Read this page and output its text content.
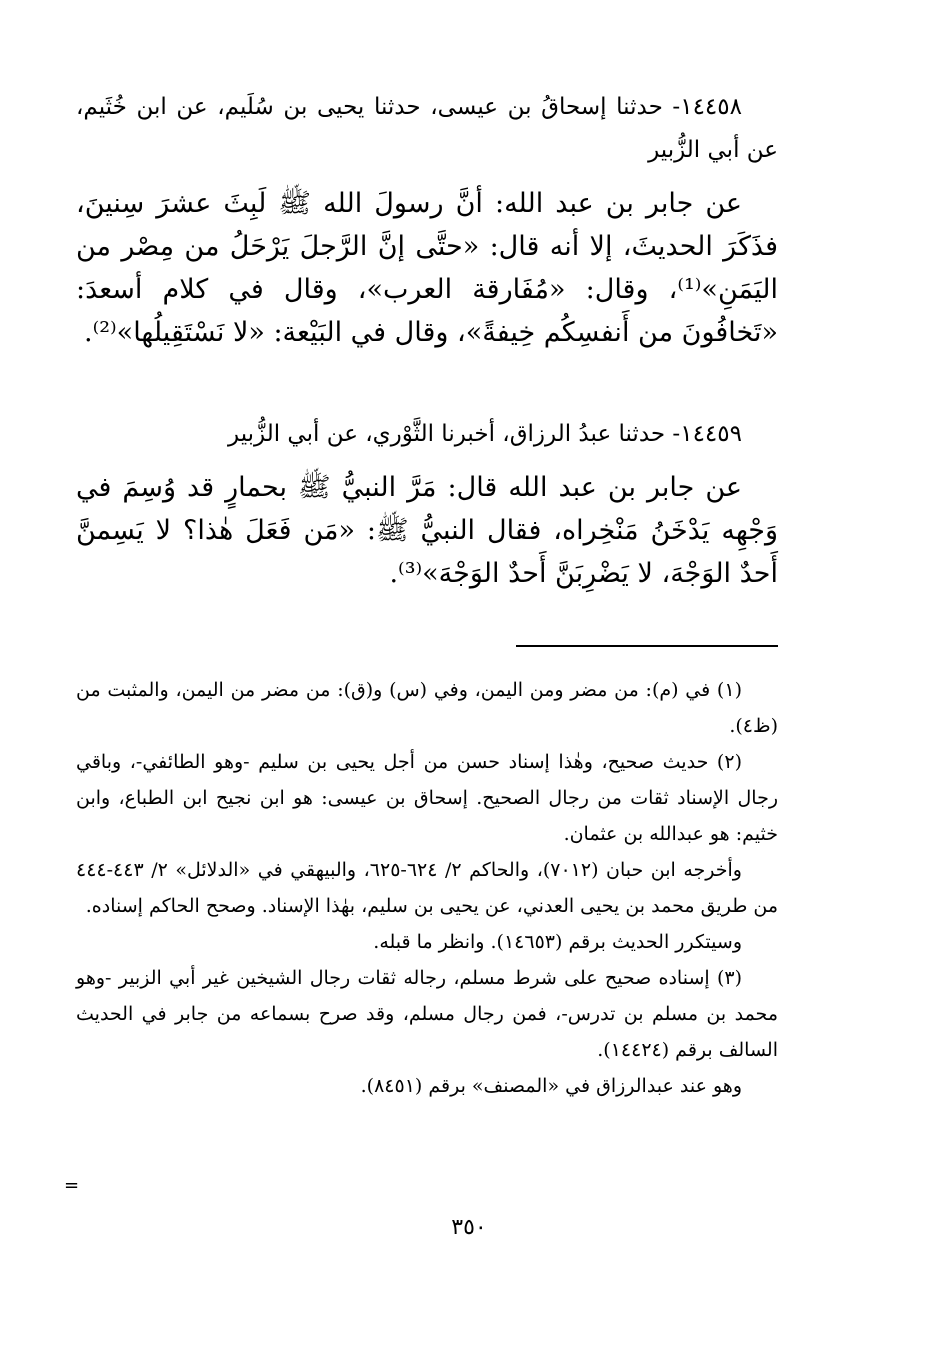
١٤٤٥٨- حدثنا إسحاقُ بن عيسى، حدثنا يحيى بن سُلَيم، عن ابن خُثَيم، عن أبي الزُّبير

عن جابر بن عبد الله: أنَّ رسولَ الله ﷺ لَبِثَ عشرَ سِنينَ، فذَكَرَ الحديثَ، إلا أنه قال: «حتَّى إنَّ الرَّجلَ يَرْحَلُ من مِصْر من اليَمَنِ»⁽¹⁾، وقال: «مُفَارقة العرب»، وقال في كلام أسعدَ: «تَخافُونَ من أَنفسِكُم خِيفةً»، وقال في البَيْعة: «لا نَسْتَقِيلُها»⁽²⁾.

١٤٤٥٩- حدثنا عبدُ الرزاق، أخبرنا الثَّوْري، عن أبي الزُّبير

عن جابر بن عبد الله قال: مَرَّ النبيُّ ﷺ بحمارٍ قد وُسِمَ في وَجْهِه يَدْخَنُ مَنْخِراه، فقال النبيُّ ﷺ: «مَن فَعَلَ هٰذا؟ لا يَسِمنَّ أَحدٌ الوَجْهَ، لا يَضْرِبَنَّ أَحدٌ الوَجْهَ»⁽³⁾.

(١) في (م): من مضر ومن اليمن، وفي (س) و(ق): من مضر من اليمن، والمثبت من (ظ٤).

(٢) حديث صحيح، وهٰذا إسناد حسن من أجل يحيى بن سليم -وهو الطائفي-، وباقي رجال الإسناد ثقات من رجال الصحيح. إسحاق بن عيسى: هو ابن نجيح ابن الطباع، وابن خثيم: هو عبدالله بن عثمان.

وأخرجه ابن حبان (٧٠١٢)، والحاكم ٢/ ٦٢٤-٦٢٥، والبيهقي في «الدلائل» ٢/ ٤٤٣-٤٤٤ من طريق محمد بن يحيى العدني، عن يحيى بن سليم، بهٰذا الإسناد. وصحح الحاكم إسناده.

وسيتكرر الحديث برقم (١٤٦٥٣). وانظر ما قبله.

(٣) إسناده صحيح على شرط مسلم، رجاله ثقات رجال الشيخين غير أبي الزبير -وهو محمد بن مسلم بن تدرس-، فمن رجال مسلم، وقد صرح بسماعه من جابر في الحديث السالف برقم (١٤٤٢٤).

وهو عند عبدالرزاق في «المصنف» برقم (٨٤٥١).

=
٣٥٠
